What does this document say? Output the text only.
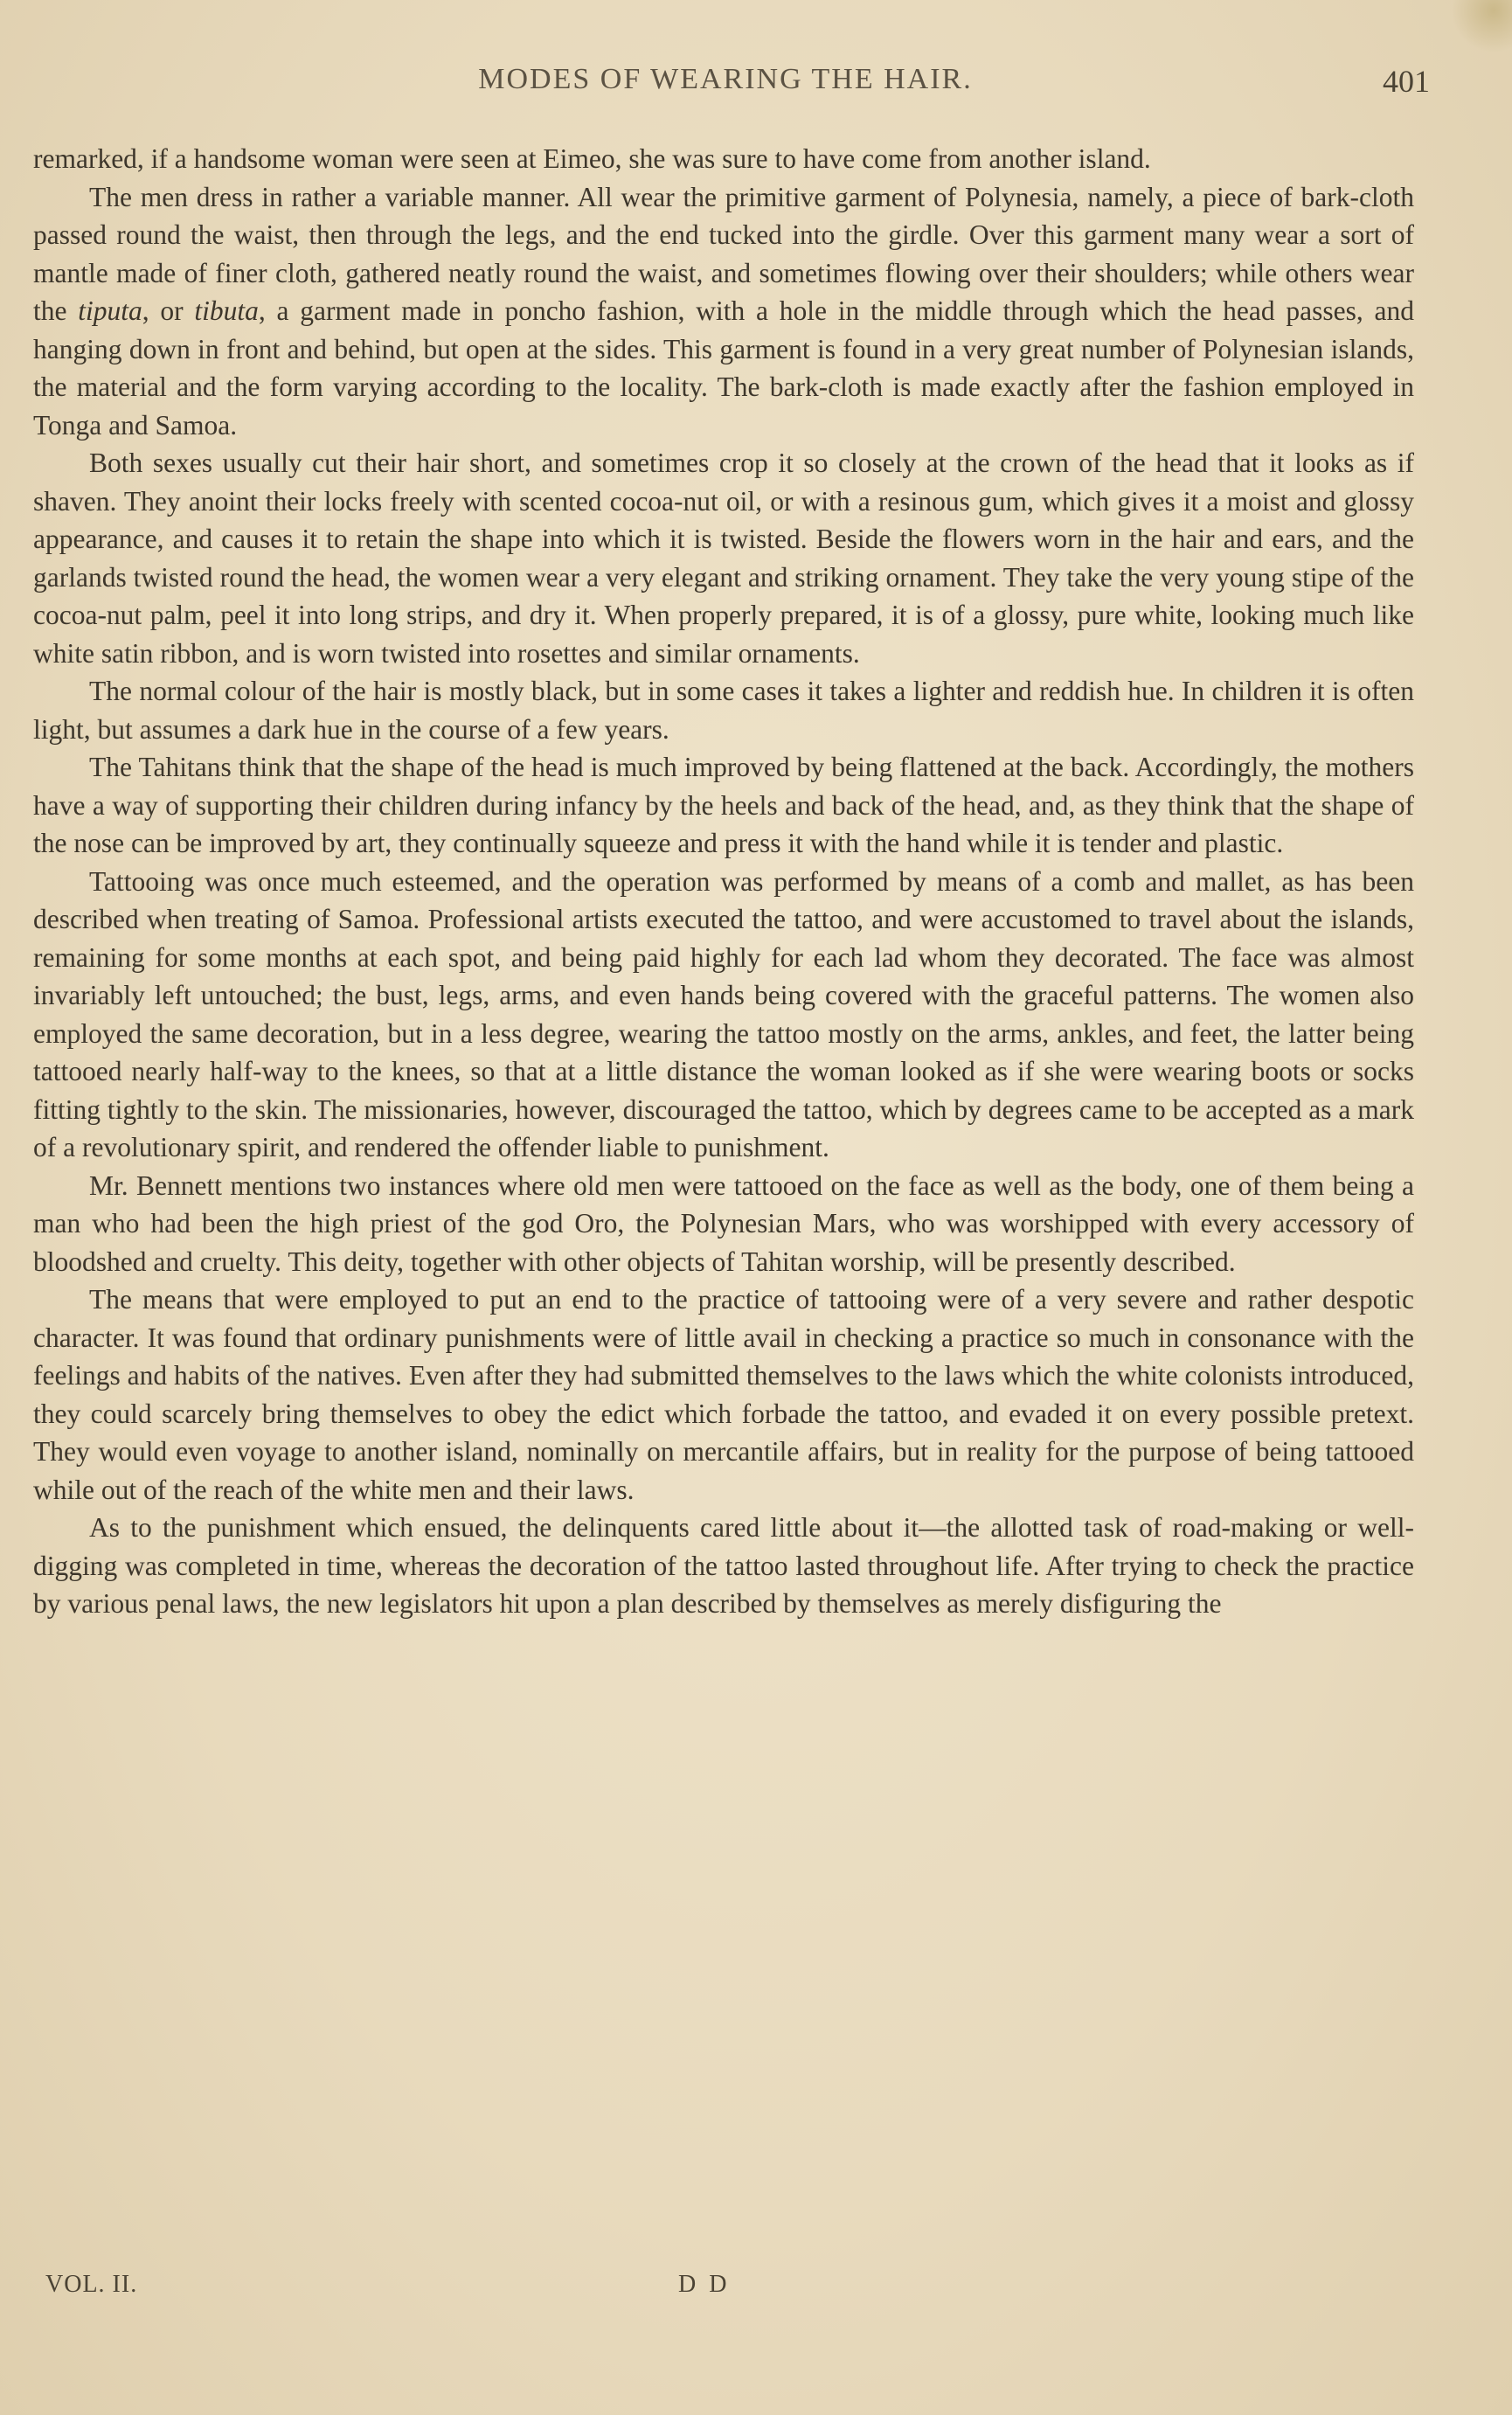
MODES OF WEARING THE HAIR.	401

remarked, if a handsome woman were seen at Eimeo, she was sure to have come from another island.

The men dress in rather a variable manner. All wear the primitive garment of Polynesia, namely, a piece of bark-cloth passed round the waist, then through the legs, and the end tucked into the girdle. Over this garment many wear a sort of mantle made of finer cloth, gathered neatly round the waist, and sometimes flowing over their shoulders; while others wear the tiputa, or tibuta, a garment made in poncho fashion, with a hole in the middle through which the head passes, and hanging down in front and behind, but open at the sides. This garment is found in a very great number of Polynesian islands, the material and the form varying according to the locality. The bark-cloth is made exactly after the fashion employed in Tonga and Samoa.

Both sexes usually cut their hair short, and sometimes crop it so closely at the crown of the head that it looks as if shaven. They anoint their locks freely with scented cocoa-nut oil, or with a resinous gum, which gives it a moist and glossy appearance, and causes it to retain the shape into which it is twisted. Beside the flowers worn in the hair and ears, and the garlands twisted round the head, the women wear a very elegant and striking ornament. They take the very young stipe of the cocoa-nut palm, peel it into long strips, and dry it. When properly prepared, it is of a glossy, pure white, looking much like white satin ribbon, and is worn twisted into rosettes and similar ornaments.

The normal colour of the hair is mostly black, but in some cases it takes a lighter and reddish hue. In children it is often light, but assumes a dark hue in the course of a few years.

The Tahitans think that the shape of the head is much improved by being flattened at the back. Accordingly, the mothers have a way of supporting their children during infancy by the heels and back of the head, and, as they think that the shape of the nose can be improved by art, they continually squeeze and press it with the hand while it is tender and plastic.

Tattooing was once much esteemed, and the operation was performed by means of a comb and mallet, as has been described when treating of Samoa. Professional artists executed the tattoo, and were accustomed to travel about the islands, remaining for some months at each spot, and being paid highly for each lad whom they decorated. The face was almost invariably left untouched; the bust, legs, arms, and even hands being covered with the graceful patterns. The women also employed the same decoration, but in a less degree, wearing the tattoo mostly on the arms, ankles, and feet, the latter being tattooed nearly half-way to the knees, so that at a little distance the woman looked as if she were wearing boots or socks fitting tightly to the skin. The missionaries, however, discouraged the tattoo, which by degrees came to be accepted as a mark of a revolutionary spirit, and rendered the offender liable to punishment.

Mr. Bennett mentions two instances where old men were tattooed on the face as well as the body, one of them being a man who had been the high priest of the god Oro, the Polynesian Mars, who was worshipped with every accessory of bloodshed and cruelty. This deity, together with other objects of Tahitan worship, will be presently described.

The means that were employed to put an end to the practice of tattooing were of a very severe and rather despotic character. It was found that ordinary punishments were of little avail in checking a practice so much in consonance with the feelings and habits of the natives. Even after they had submitted themselves to the laws which the white colonists introduced, they could scarcely bring themselves to obey the edict which forbade the tattoo, and evaded it on every possible pretext. They would even voyage to another island, nominally on mercantile affairs, but in reality for the purpose of being tattooed while out of the reach of the white men and their laws.

As to the punishment which ensued, the delinquents cared little about it—the allotted task of road-making or well-digging was completed in time, whereas the decoration of the tattoo lasted throughout life. After trying to check the practice by various penal laws, the new legislators hit upon a plan described by themselves as merely disfiguring the

VOL. II.	D D
